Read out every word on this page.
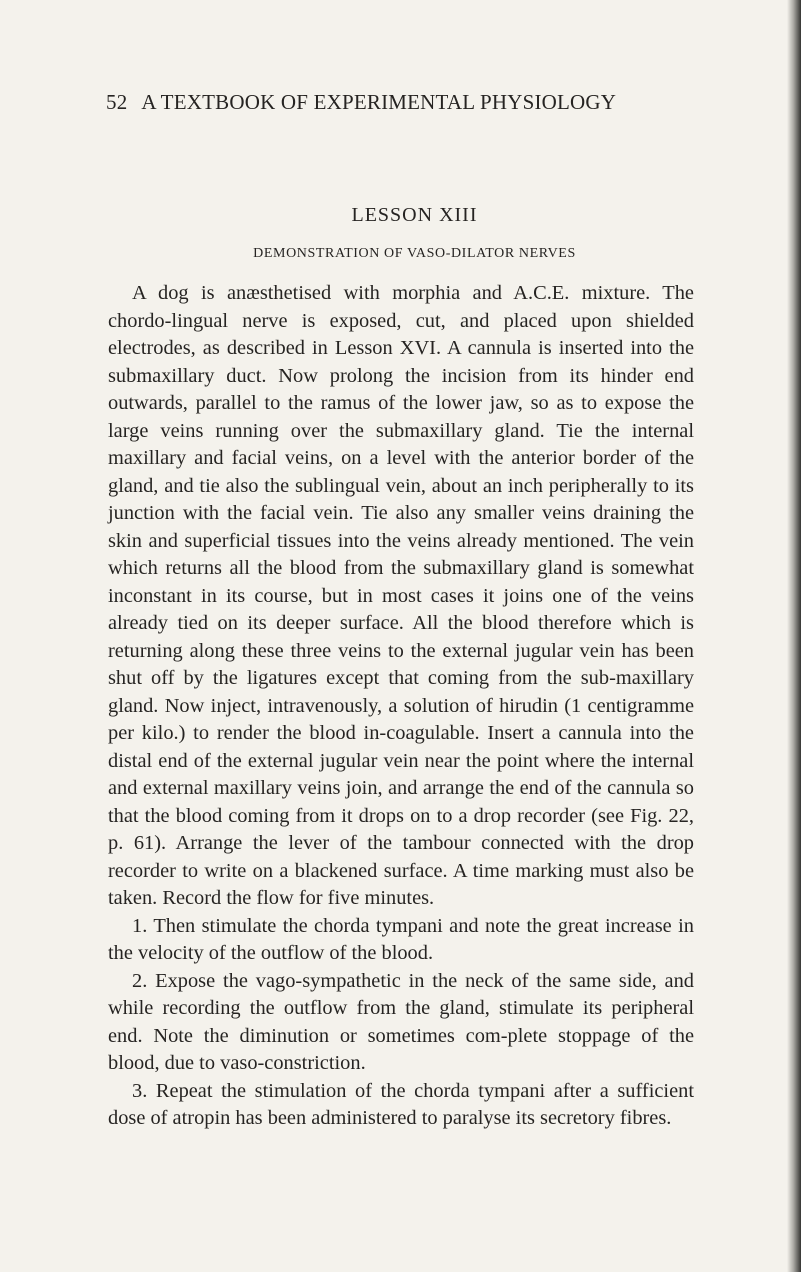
52 A TEXTBOOK OF EXPERIMENTAL PHYSIOLOGY
LESSON XIII
DEMONSTRATION OF VASO-DILATOR NERVES

A dog is anæsthetised with morphia and A.C.E. mixture. The chordo-lingual nerve is exposed, cut, and placed upon shielded electrodes, as described in Lesson XVI. A cannula is inserted into the submaxillary duct. Now prolong the incision from its hinder end outwards, parallel to the ramus of the lower jaw, so as to expose the large veins running over the submaxillary gland. Tie the internal maxillary and facial veins, on a level with the anterior border of the gland, and tie also the sublingual vein, about an inch peripherally to its junction with the facial vein. Tie also any smaller veins draining the skin and superficial tissues into the veins already mentioned. The vein which returns all the blood from the submaxillary gland is somewhat inconstant in its course, but in most cases it joins one of the veins already tied on its deeper surface. All the blood therefore which is returning along these three veins to the external jugular vein has been shut off by the ligatures except that coming from the sub-maxillary gland. Now inject, intravenously, a solution of hirudin (1 centigramme per kilo.) to render the blood in-coagulable. Insert a cannula into the distal end of the external jugular vein near the point where the internal and external maxillary veins join, and arrange the end of the cannula so that the blood coming from it drops on to a drop recorder (see Fig. 22, p. 61). Arrange the lever of the tambour connected with the drop recorder to write on a blackened surface. A time marking must also be taken. Record the flow for five minutes.

1. Then stimulate the chorda tympani and note the great increase in the velocity of the outflow of the blood.

2. Expose the vago-sympathetic in the neck of the same side, and while recording the outflow from the gland, stimulate its peripheral end. Note the diminution or sometimes com-plete stoppage of the blood, due to vaso-constriction.

3. Repeat the stimulation of the chorda tympani after a sufficient dose of atropin has been administered to paralyse its secretory fibres.
